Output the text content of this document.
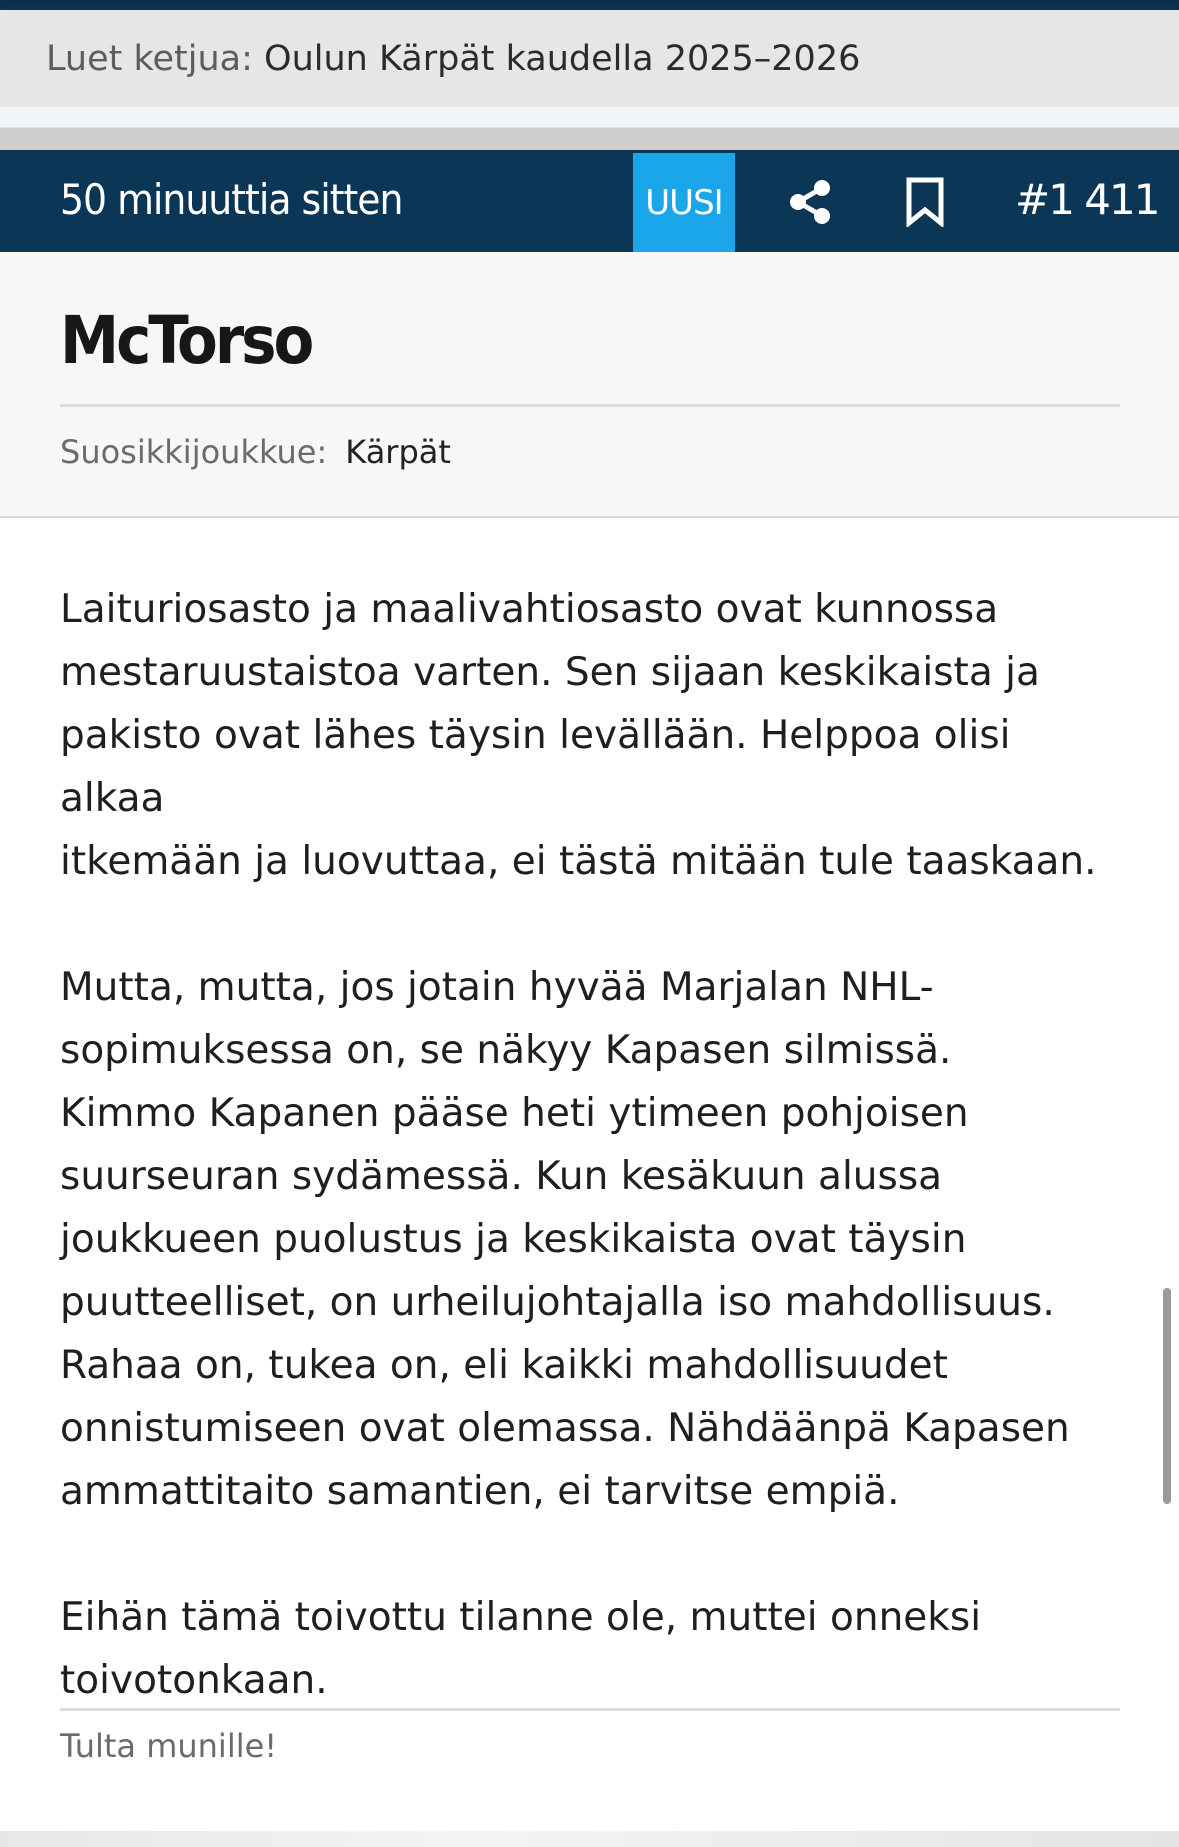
Luet ketjua: Oulun Kärpät kaudella 2025–2026
50 minuuttia sitten	UUSI	#1 411
McTorso
Suosikkijoukkue: Kärpät

Laituriosasto ja maalivahtiosasto ovat kunnossa
mestaruustaistoa varten. Sen sijaan keskikaista ja
pakisto ovat lähes täysin levällään. Helppoa olisi alkaa
itkemään ja luovuttaa, ei tästä mitään tule taaskaan.

Mutta, mutta, jos jotain hyvää Marjalan NHL-
sopimuksessa on, se näkyy Kapasen silmissä.
Kimmo Kapanen pääse heti ytimeen pohjoisen
suurseuran sydämessä. Kun kesäkuun alussa
joukkueen puolustus ja keskikaista ovat täysin
puutteelliset, on urheilujohtajalla iso mahdollisuus.
Rahaa on, tukea on, eli kaikki mahdollisuudet
onnistumiseen ovat olemassa. Nähdäänpä Kapasen
ammattitaito samantien, ei tarvitse empiä.

Eihän tämä toivottu tilanne ole, muttei onneksi
toivotonkaan.

Tulta munille!
